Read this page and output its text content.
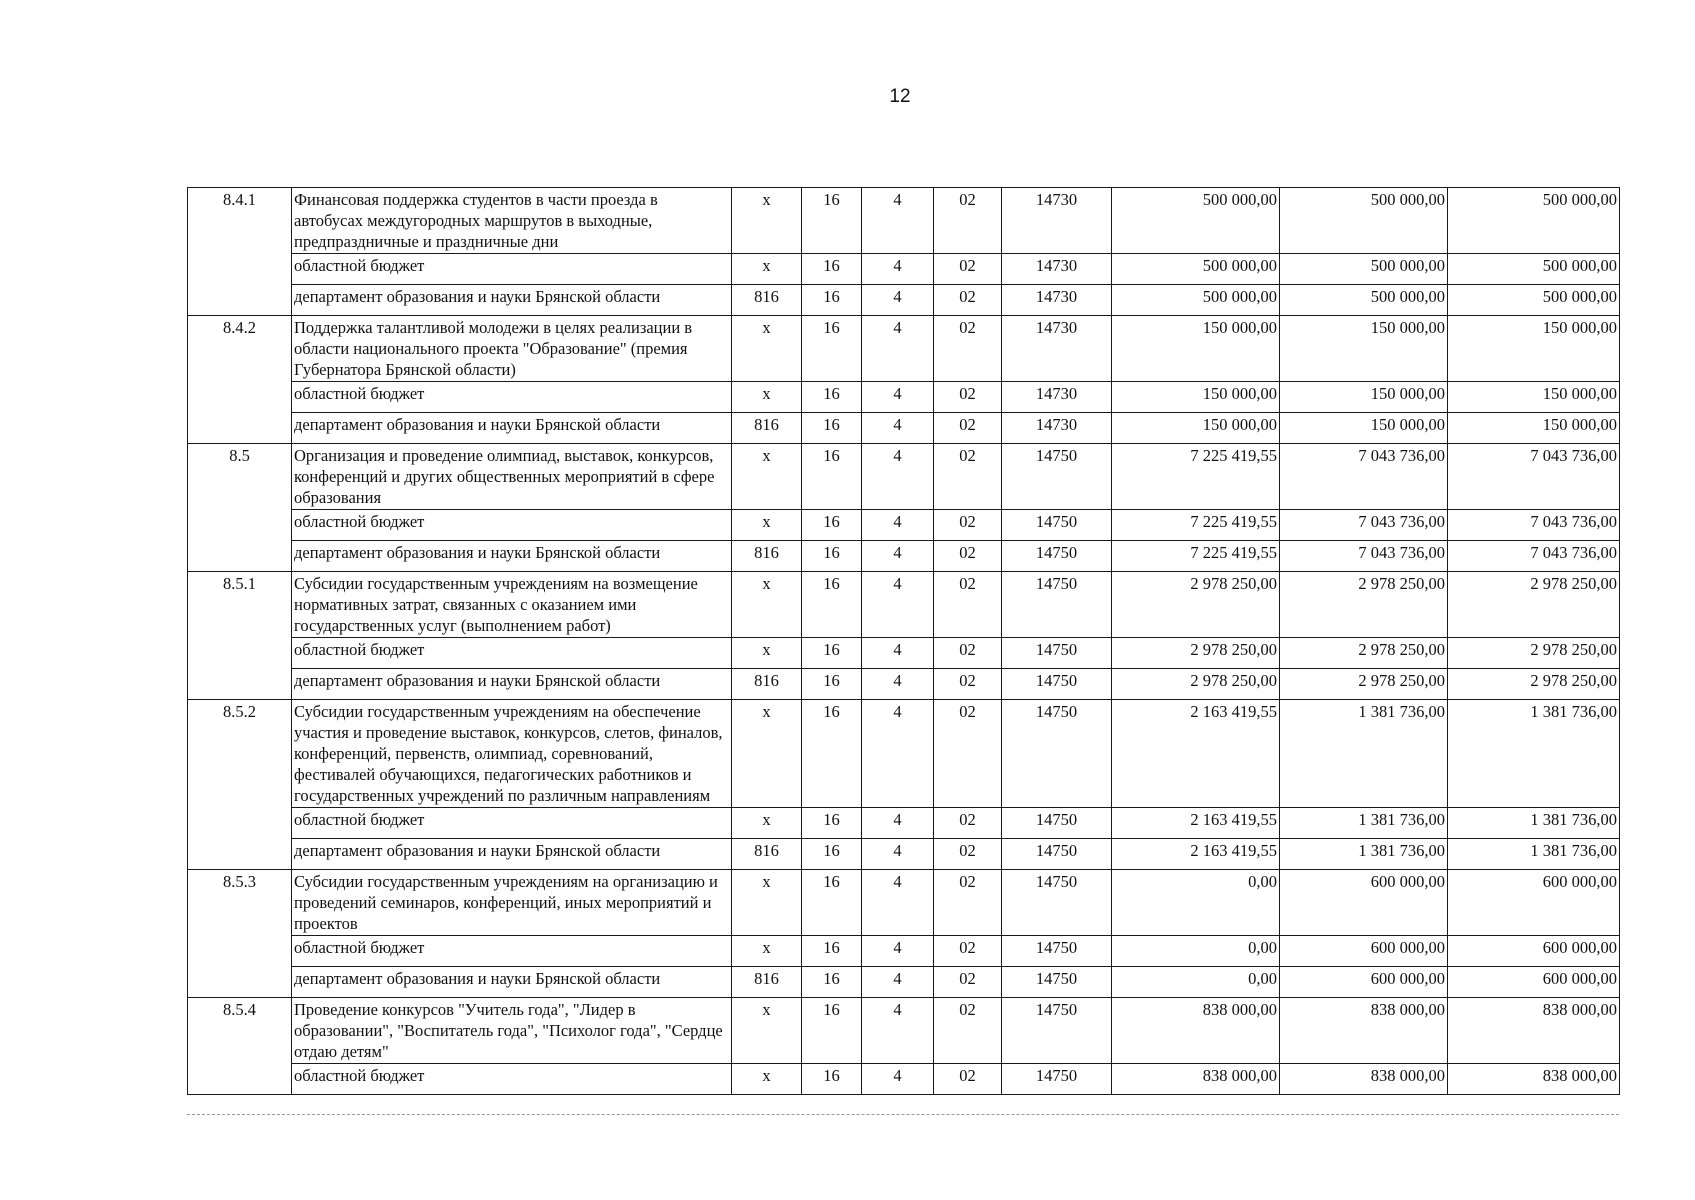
12
8.4.1	Финансовая поддержка студентов в части проезда в автобусах междугородных маршрутов в выходные, предпраздничные и праздничные дни	x	16	4	02	14730	500 000,00	500 000,00	500 000,00
	областной бюджет	x	16	4	02	14730	500 000,00	500 000,00	500 000,00
	департамент образования и науки Брянской области	816	16	4	02	14730	500 000,00	500 000,00	500 000,00
8.4.2	Поддержка талантливой молодежи в целях реализации в области национального проекта "Образование" (премия Губернатора Брянской области)	x	16	4	02	14730	150 000,00	150 000,00	150 000,00
	областной бюджет	x	16	4	02	14730	150 000,00	150 000,00	150 000,00
	департамент образования и науки Брянской области	816	16	4	02	14730	150 000,00	150 000,00	150 000,00
8.5	Организация и проведение олимпиад, выставок, конкурсов, конференций и других общественных мероприятий в сфере образования	x	16	4	02	14750	7 225 419,55	7 043 736,00	7 043 736,00
	областной бюджет	x	16	4	02	14750	7 225 419,55	7 043 736,00	7 043 736,00
	департамент образования и науки Брянской области	816	16	4	02	14750	7 225 419,55	7 043 736,00	7 043 736,00
8.5.1	Субсидии государственным учреждениям на возмещение нормативных затрат, связанных с оказанием ими государственных услуг (выполнением работ)	x	16	4	02	14750	2 978 250,00	2 978 250,00	2 978 250,00
	областной бюджет	x	16	4	02	14750	2 978 250,00	2 978 250,00	2 978 250,00
	департамент образования и науки Брянской области	816	16	4	02	14750	2 978 250,00	2 978 250,00	2 978 250,00
8.5.2	Субсидии государственным учреждениям на обеспечение участия и проведение выставок, конкурсов, слетов, финалов, конференций, первенств, олимпиад, соревнований, фестивалей обучающихся, педагогических работников и государственных учреждений по различным направлениям	x	16	4	02	14750	2 163 419,55	1 381 736,00	1 381 736,00
	областной бюджет	x	16	4	02	14750	2 163 419,55	1 381 736,00	1 381 736,00
	департамент образования и науки Брянской области	816	16	4	02	14750	2 163 419,55	1 381 736,00	1 381 736,00
8.5.3	Субсидии государственным учреждениям на организацию и проведений семинаров, конференций, иных мероприятий и проектов	x	16	4	02	14750	0,00	600 000,00	600 000,00
	областной бюджет	x	16	4	02	14750	0,00	600 000,00	600 000,00
	департамент образования и науки Брянской области	816	16	4	02	14750	0,00	600 000,00	600 000,00
8.5.4	Проведение конкурсов "Учитель года", "Лидер в образовании", "Воспитатель года", "Психолог года", "Сердце отдаю детям"	x	16	4	02	14750	838 000,00	838 000,00	838 000,00
	областной бюджет	x	16	4	02	14750	838 000,00	838 000,00	838 000,00
